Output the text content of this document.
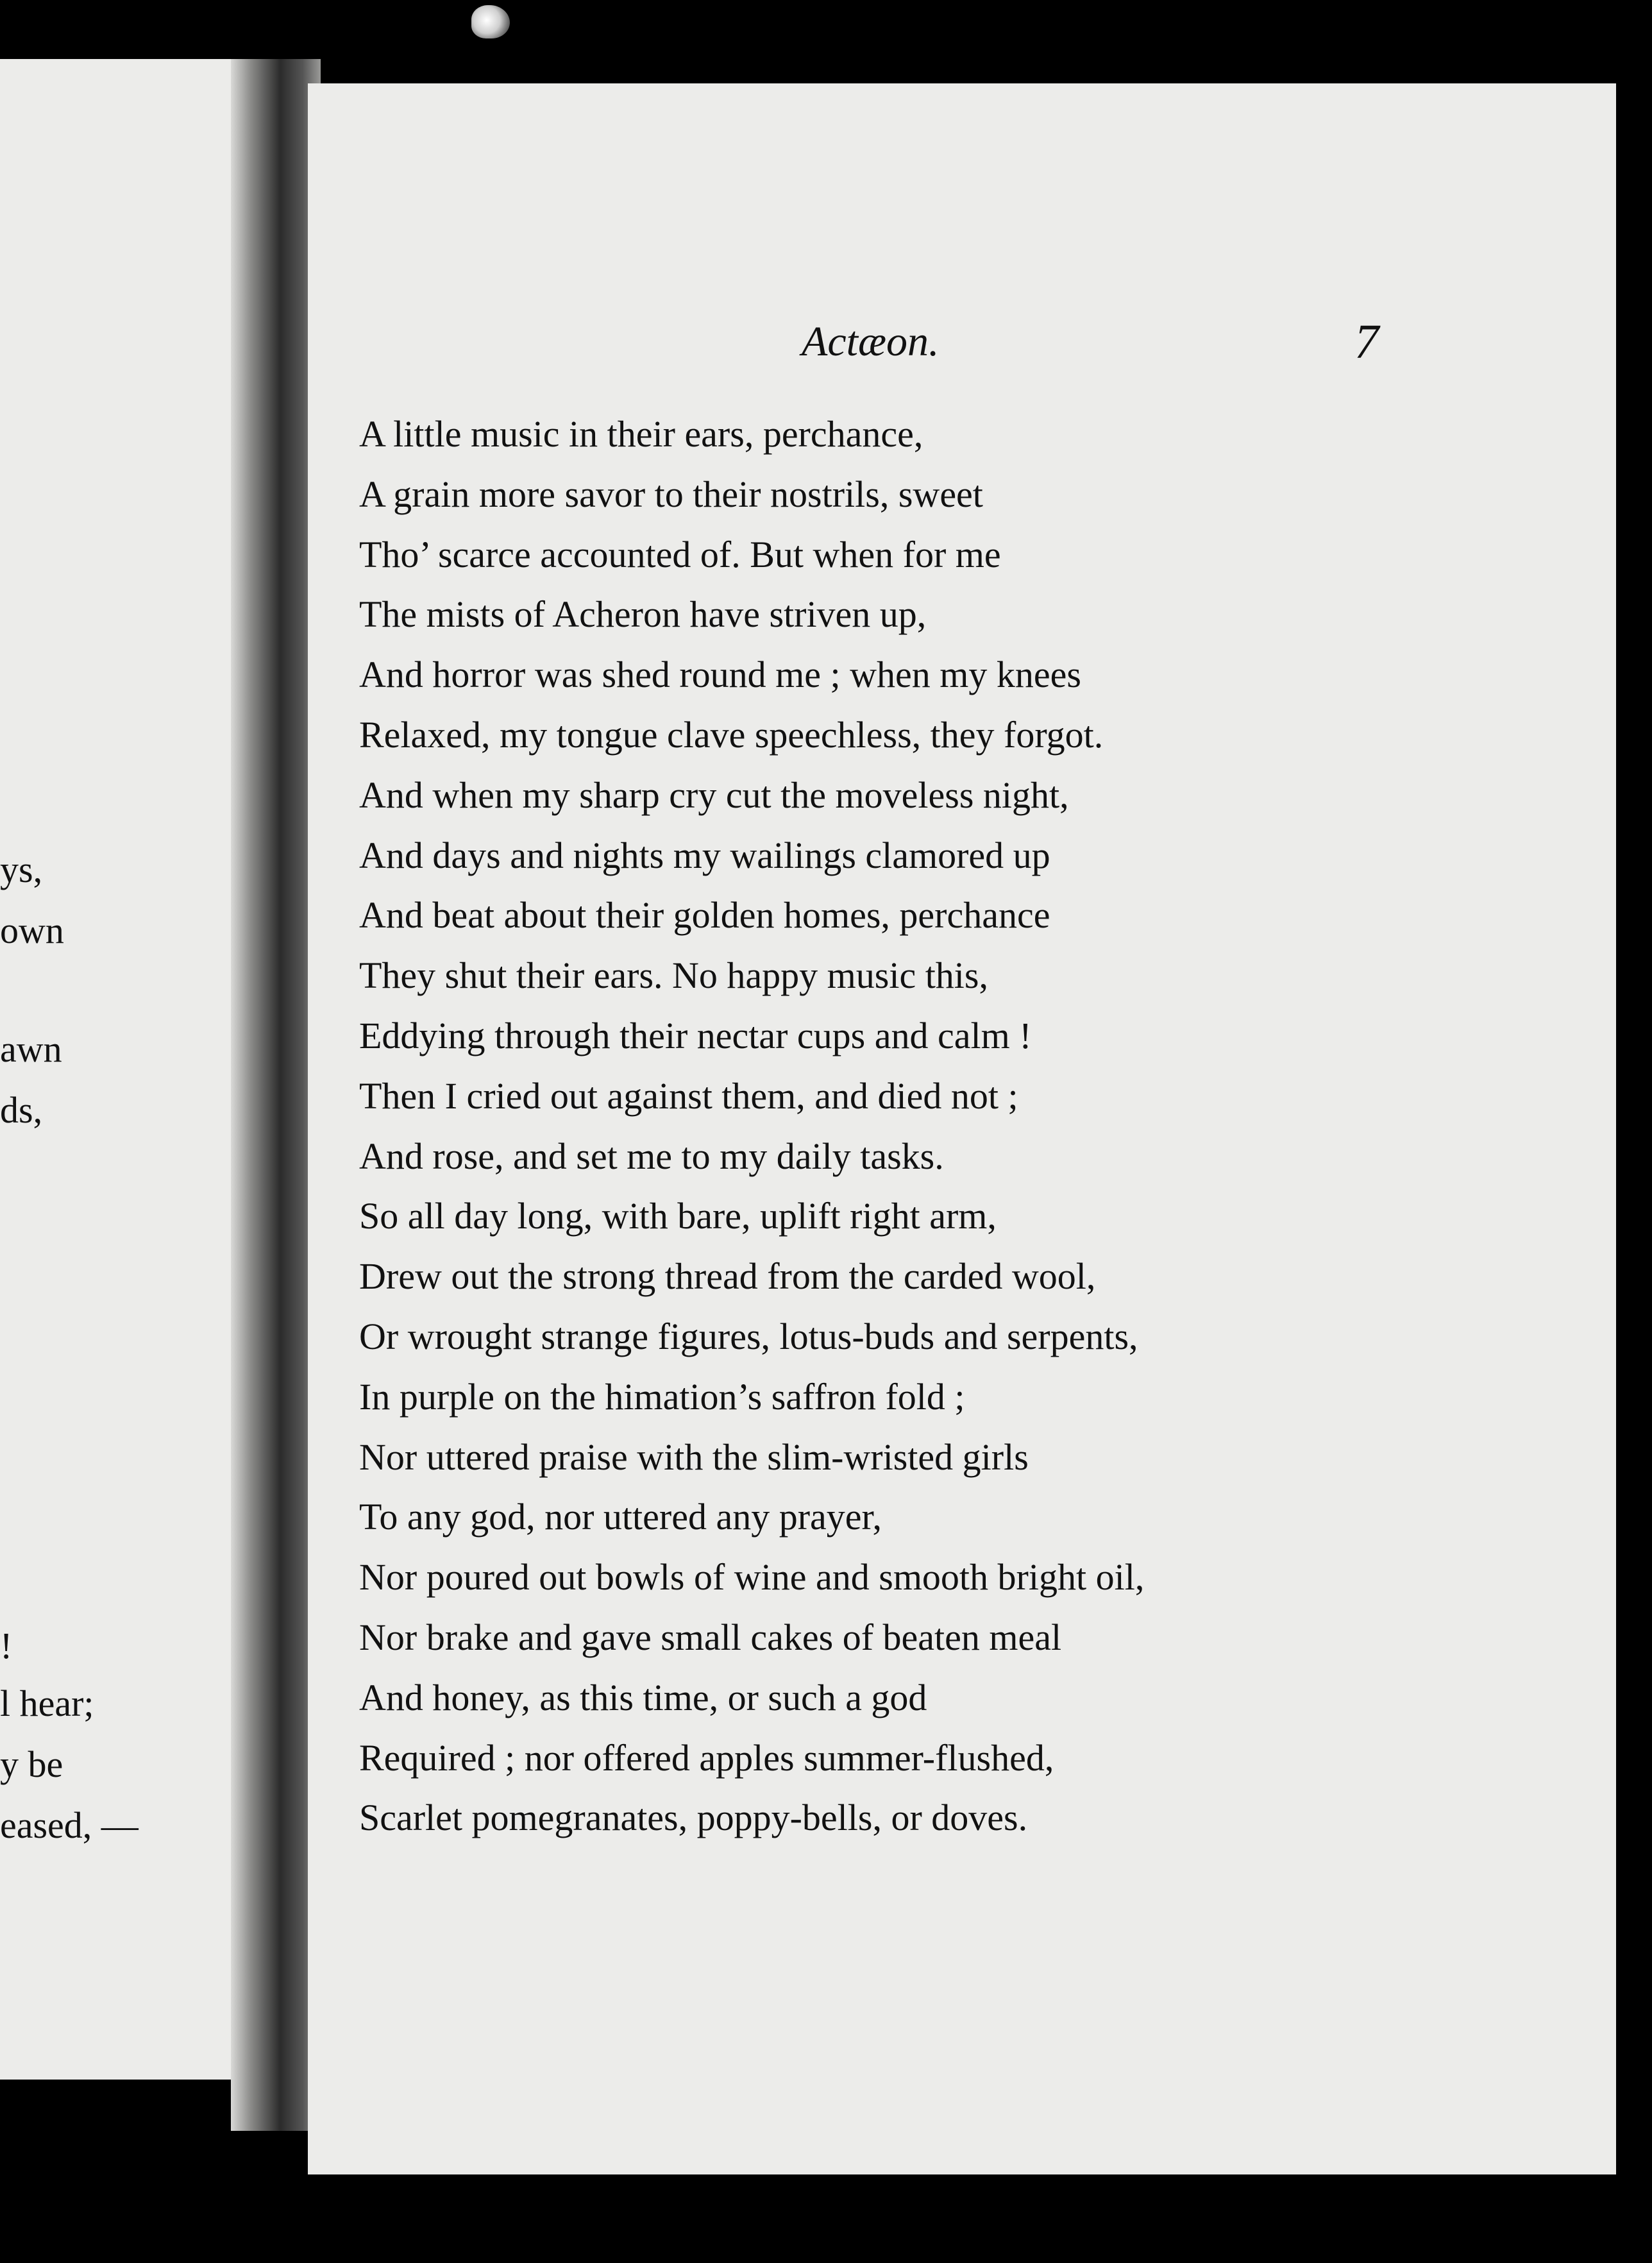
ys,
own
awn
ds,
!
l hear;
y be
eased, —
Actæon.	7
A little music in their ears, perchance,
A grain more savor to their nostrils, sweet
Tho’ scarce accounted of. But when for me
The mists of Acheron have striven up,
And horror was shed round me ; when my knees
Relaxed, my tongue clave speechless, they forgot.
And when my sharp cry cut the moveless night,
And days and nights my wailings clamored up
And beat about their golden homes, perchance
They shut their ears. No happy music this,
Eddying through their nectar cups and calm !
Then I cried out against them, and died not ;
And rose, and set me to my daily tasks.
So all day long, with bare, uplift right arm,
Drew out the strong thread from the carded wool,
Or wrought strange figures, lotus-buds and serpents,
In purple on the himation’s saffron fold ;
Nor uttered praise with the slim-wristed girls
To any god, nor uttered any prayer,
Nor poured out bowls of wine and smooth bright oil,
Nor brake and gave small cakes of beaten meal
And honey, as this time, or such a god
Required ; nor offered apples summer-flushed,
Scarlet pomegranates, poppy-bells, or doves.
